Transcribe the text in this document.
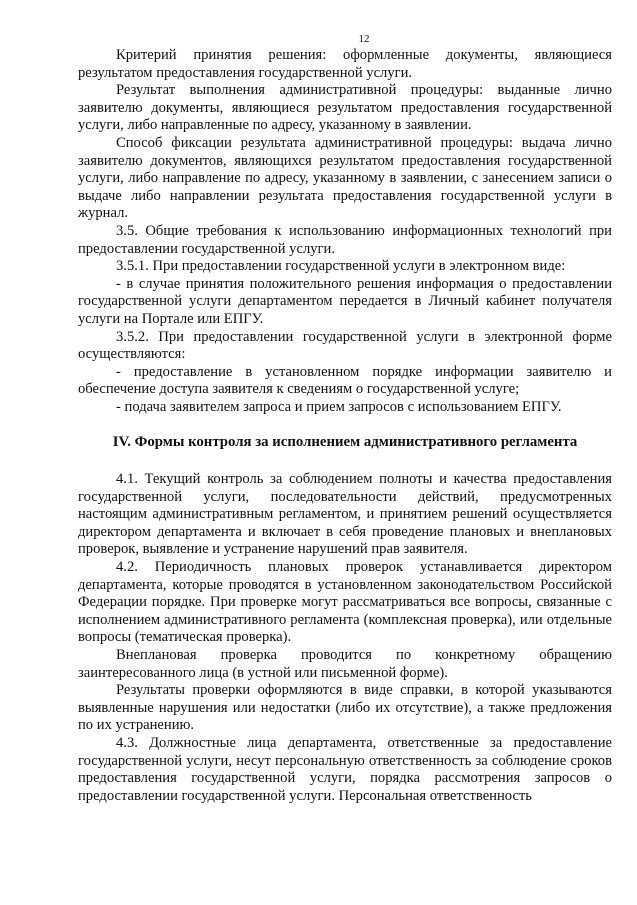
12

Критерий принятия решения: оформленные документы, являющиеся результатом предоставления государственной услуги.

Результат выполнения административной процедуры: выданные лично заявителю документы, являющиеся результатом предоставления государственной услуги, либо направленные по адресу, указанному в заявлении.

Способ фиксации результата административной процедуры: выдача лично заявителю документов, являющихся результатом предоставления государственной услуги, либо направление по адресу, указанному в заявлении, с занесением записи о выдаче либо направлении результата предоставления государственной услуги в журнал.

3.5. Общие требования к использованию информационных технологий при предоставлении государственной услуги.

3.5.1. При предоставлении государственной услуги в электронном виде:

- в случае принятия положительного решения информация о предоставлении государственной услуги департаментом передается в Личный кабинет получателя услуги на Портале или ЕПГУ.

3.5.2. При предоставлении государственной услуги в электронной форме осуществляются:

- предоставление в установленном порядке информации заявителю и обеспечение доступа заявителя к сведениям о государственной услуге;

- подача заявителем запроса и прием запросов с использованием ЕПГУ.

IV. Формы контроля за исполнением административного регламента

4.1. Текущий контроль за соблюдением полноты и качества предоставления государственной услуги, последовательности действий, предусмотренных настоящим административным регламентом, и принятием решений осуществляется директором департамента и включает в себя проведение плановых и внеплановых проверок, выявление и устранение нарушений прав заявителя.

4.2. Периодичность плановых проверок устанавливается директором департамента, которые проводятся в установленном законодательством Российской Федерации порядке. При проверке могут рассматриваться все вопросы, связанные с исполнением административного регламента (комплексная проверка), или отдельные вопросы (тематическая проверка).

Внеплановая проверка проводится по конкретному обращению заинтересованного лица (в устной или письменной форме).

Результаты проверки оформляются в виде справки, в которой указываются выявленные нарушения или недостатки (либо их отсутствие), а также предложения по их устранению.

4.3. Должностные лица департамента, ответственные за предоставление государственной услуги, несут персональную ответственность за соблюдение сроков предоставления государственной услуги, порядка рассмотрения запросов о предоставлении государственной услуги. Персональная ответственность
